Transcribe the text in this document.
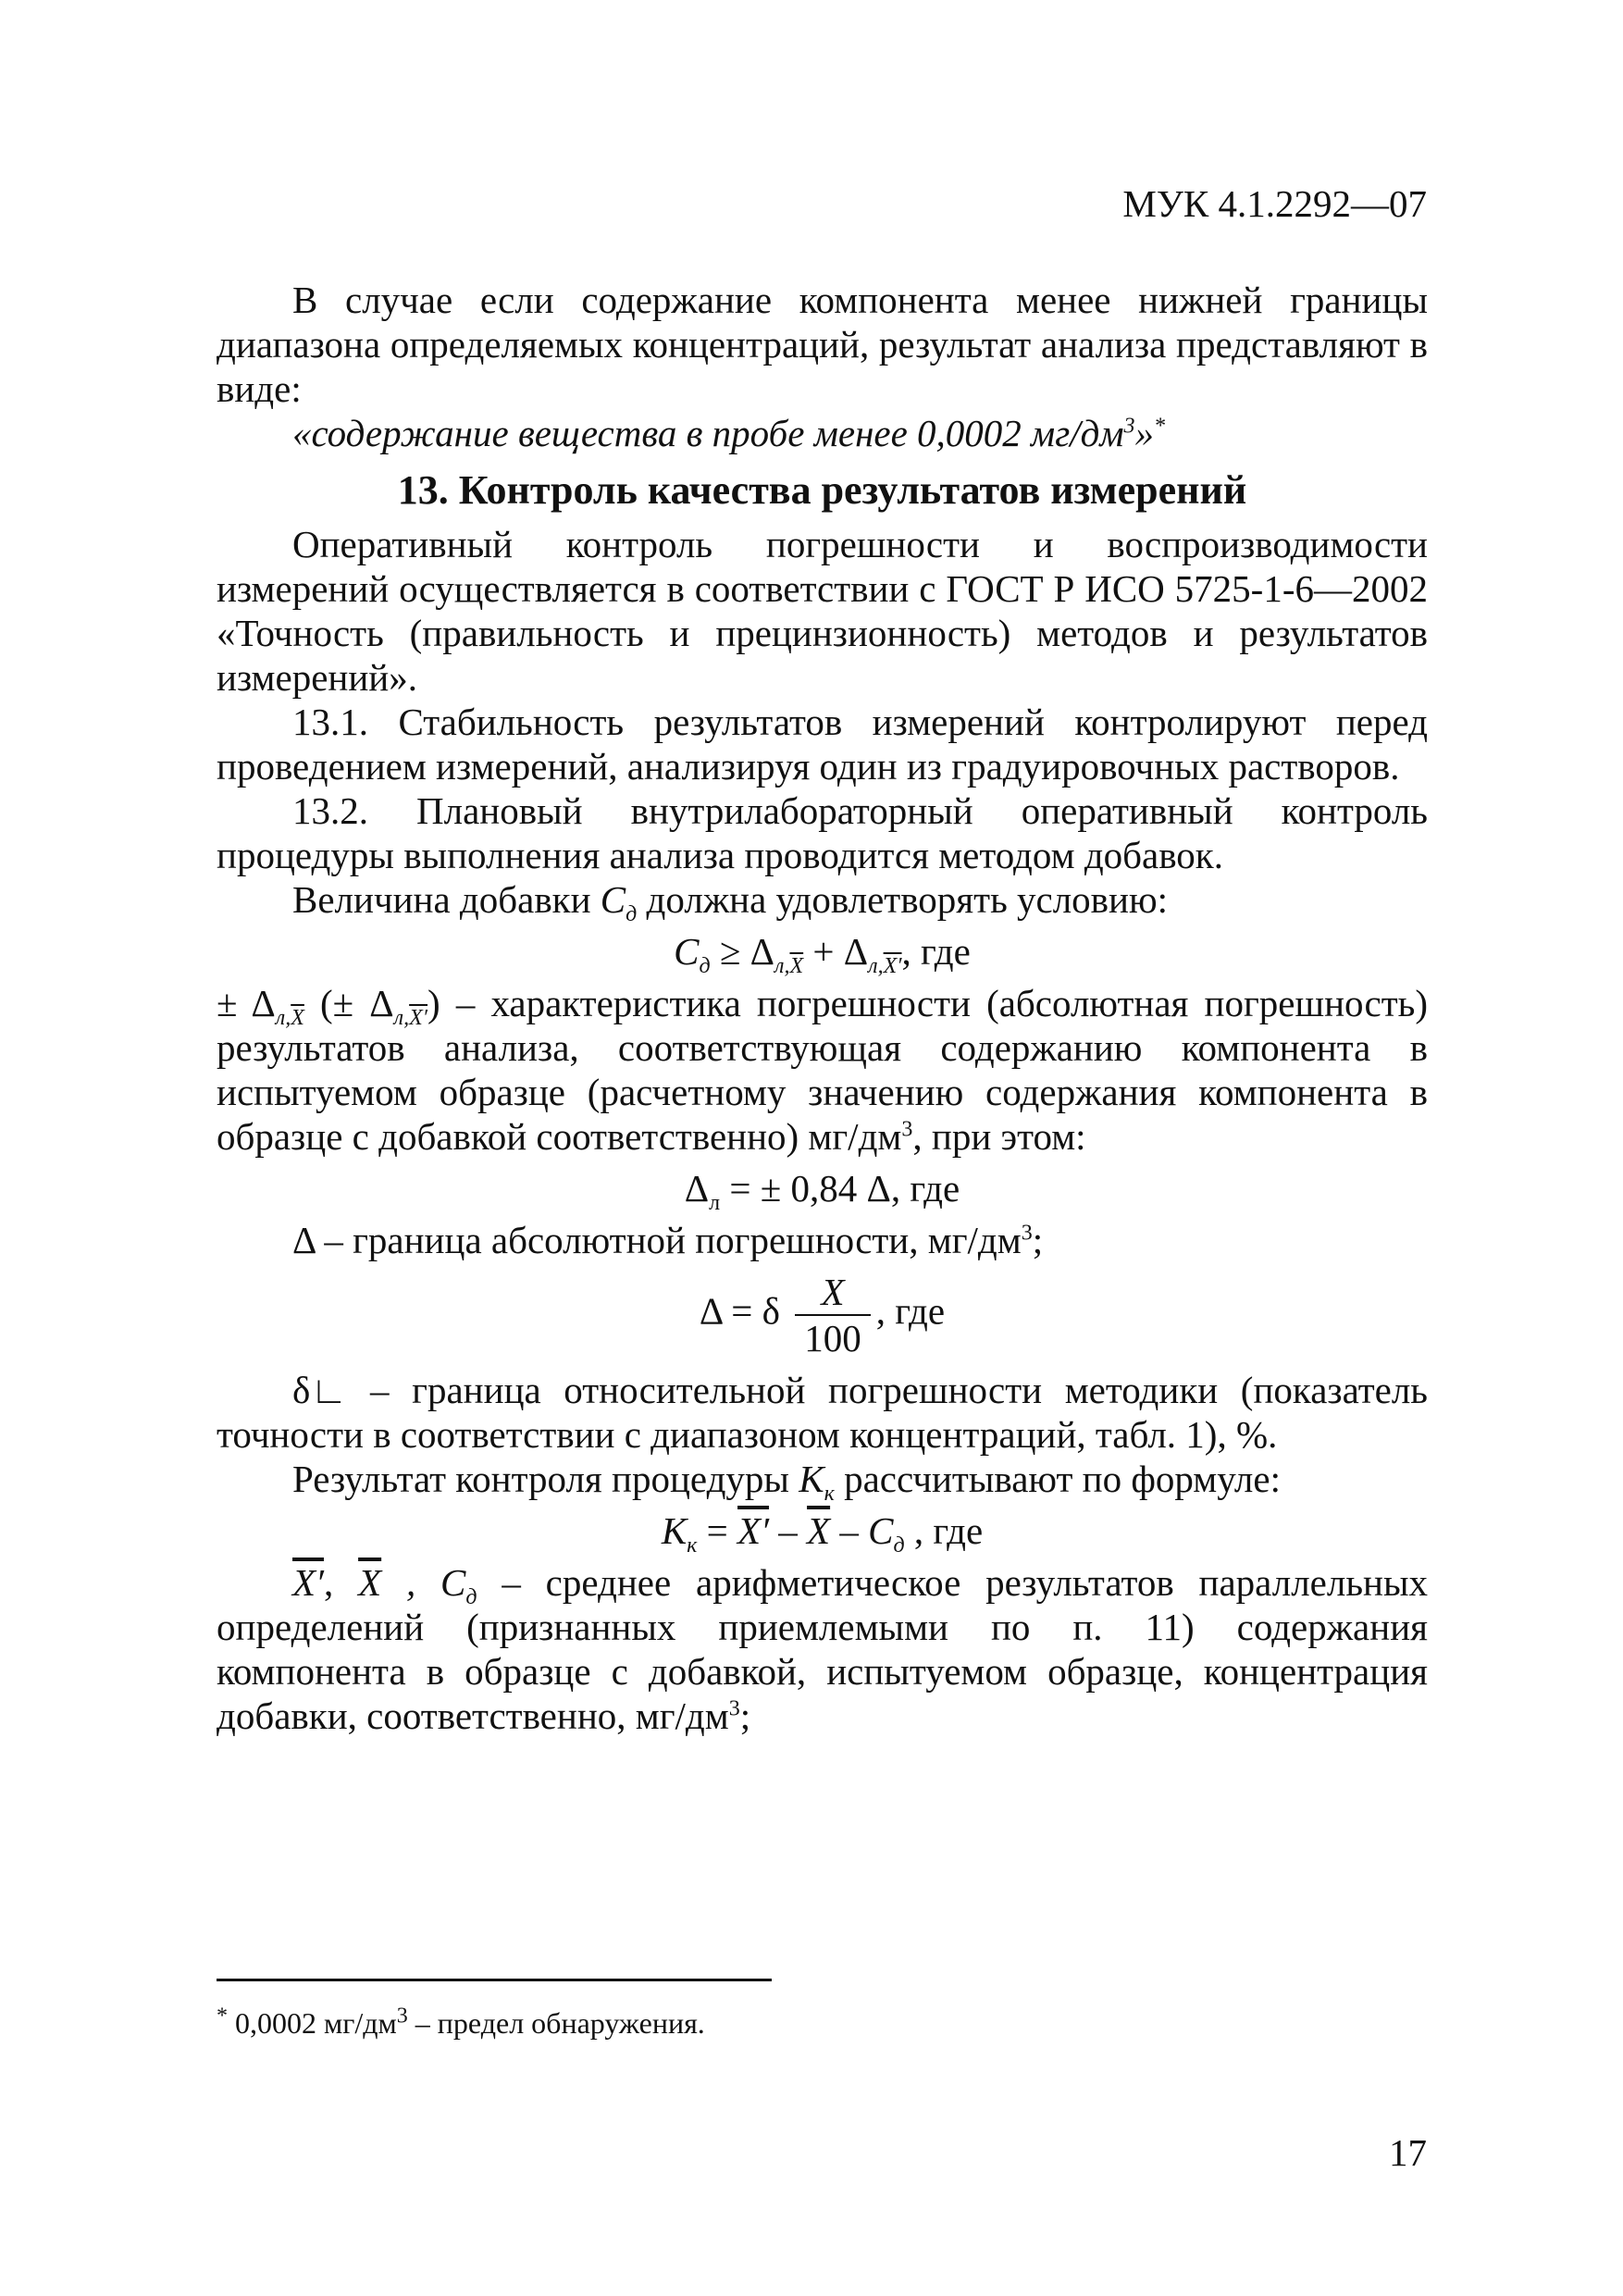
МУК 4.1.2292—07

В случае если содержание компонента менее нижней границы диапазона определяемых концентраций, результат анализа представляют в виде:

«содержание вещества в пробе менее 0,0002 $мг/дм^3»^*$

13. Контроль качества результатов измерений

Оперативный контроль погрешности и воспроизводимости измерений осуществляется в соответствии с ГОСТ Р ИСО 5725-1-6—2002 «Точность (правильность и прецинзионность) методов и результатов измерений».

13.1. Стабильность результатов измерений контролируют перед проведением измерений, анализируя один из градуировочных растворов.

13.2. Плановый внутрилабораторный оперативный контроль процедуры выполнения анализа проводится методом добавок.

Величина добавки $C_д$ должна удовлетворять условию:

$C_д \ge \Delta_{л,\overline{X}} + \Delta_{л,X'}$, где

± $\Delta_{л,\overline{X}}$ (± $\Delta_{л,X'}$) – характеристика погрешности (абсолютная погрешность) результатов анализа, соответствующая содержанию компонента в испытуемом образце (расчетному значению содержания компонента в образце с добавкой соответственно) $мг/дм^3$, при этом:

$\Delta_л$ = ± 0,84 Δ, где

Δ – граница абсолютной погрешности, $мг/дм^3$;

Δ = δ $\frac{X}{100}$ , где

δ∟ – граница относительной погрешности методики (показатель точности в соответствии с диапазоном концентраций, табл. 1), %.

Результат контроля процедуры $K_к$ рассчитывают по формуле:

$K_к = X' - \overline{X} - C_д$ , где

X′, $\overline{X}$ , $C_д$ – среднее арифметическое результатов параллельных определений (признанных приемлемыми по п. 11) содержания компонента в образце с добавкой, испытуемом образце, концентрация добавки, соответственно, $мг/дм^3$;

* 0,0002 $мг/дм^3$ – предел обнаружения.
17
